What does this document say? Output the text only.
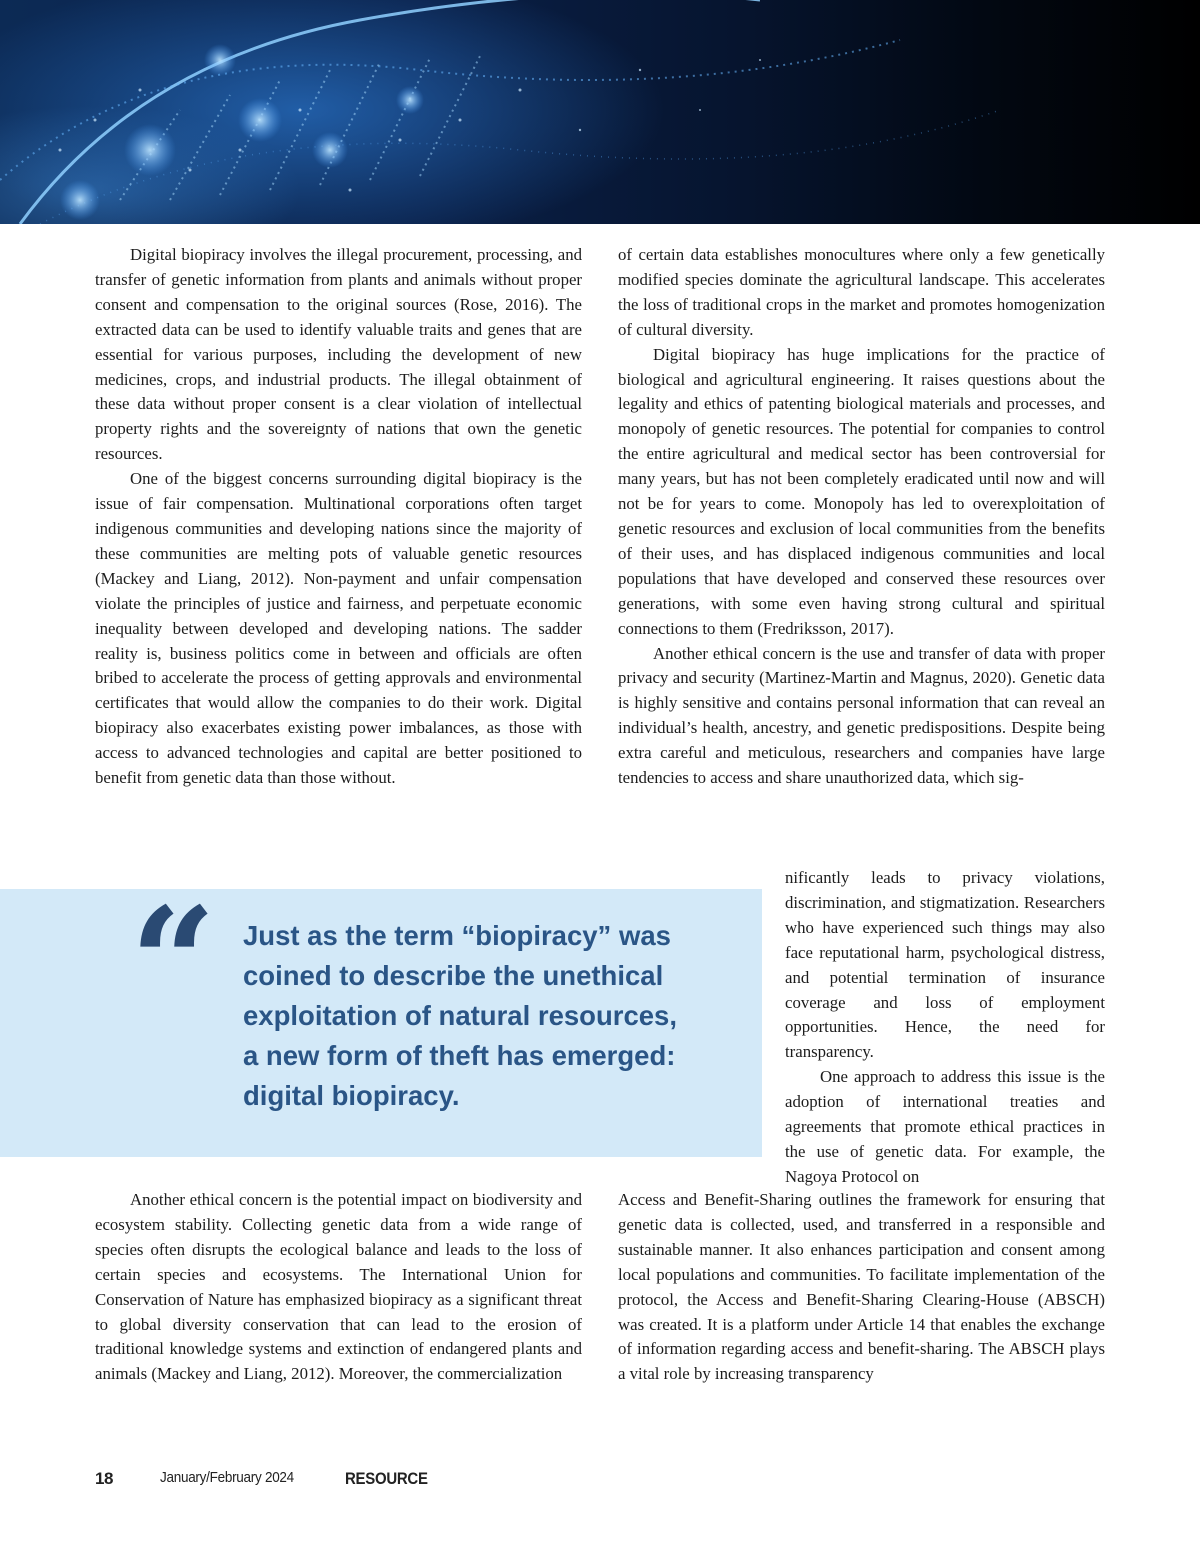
Digital biopiracy involves the illegal procurement, processing, and transfer of genetic information from plants and animals without proper consent and compensation to the original sources (Rose, 2016). The extracted data can be used to identify valuable traits and genes that are essential for various purposes, including the development of new medicines, crops, and industrial products. The illegal obtainment of these data without proper consent is a clear violation of intellectual property rights and the sovereignty of nations that own the genetic resources.

One of the biggest concerns surrounding digital biopiracy is the issue of fair compensation. Multinational corporations often target indigenous communities and developing nations since the majority of these communities are melting pots of valuable genetic resources (Mackey and Liang, 2012). Non-payment and unfair compensation violate the principles of justice and fairness, and perpetuate economic inequality between developed and developing nations. The sadder reality is, business politics come in between and officials are often bribed to accelerate the process of getting approvals and environmental certificates that would allow the companies to do their work. Digital biopiracy also exacerbates existing power imbalances, as those with access to advanced technologies and capital are better positioned to benefit from genetic data than those without.

of certain data establishes monocultures where only a few genetically modified species dominate the agricultural landscape. This accelerates the loss of traditional crops in the market and promotes homogenization of cultural diversity.

Digital biopiracy has huge implications for the practice of biological and agricultural engineering. It raises questions about the legality and ethics of patenting biological materials and processes, and monopoly of genetic resources. The potential for companies to control the entire agricultural and medical sector has been controversial for many years, but has not been completely eradicated until now and will not be for years to come. Monopoly has led to overexploitation of genetic resources and exclusion of local communities from the benefits of their uses, and has displaced indigenous communities and local populations that have developed and conserved these resources over generations, with some even having strong cultural and spiritual connections to them (Fredriksson, 2017).

Another ethical concern is the use and transfer of data with proper privacy and security (Martinez-Martin and Magnus, 2020). Genetic data is highly sensitive and contains personal information that can reveal an individual’s health, ancestry, and genetic predispositions. Despite being extra careful and meticulous, researchers and companies have large tendencies to access and share unauthorized data, which sig-

“ Just as the term “biopiracy” was
coined to describe the unethical
exploitation of natural resources,
a new form of theft has emerged:
digital biopiracy.

nificantly leads to privacy violations, discrimination, and stigmatization. Researchers who have experienced such things may also face reputational harm, psychological distress, and potential termination of insurance coverage and loss of employment opportunities. Hence, the need for transparency.

One approach to address this issue is the adoption of international treaties and agreements that promote ethical practices in the use of genetic data. For example, the Nagoya Protocol on

Another ethical concern is the potential impact on biodiversity and ecosystem stability. Collecting genetic data from a wide range of species often disrupts the ecological balance and leads to the loss of certain species and ecosystems. The International Union for Conservation of Nature has emphasized biopiracy as a significant threat to global diversity conservation that can lead to the erosion of traditional knowledge systems and extinction of endangered plants and animals (Mackey and Liang, 2012). Moreover, the commercialization

Access and Benefit-Sharing outlines the framework for ensuring that genetic data is collected, used, and transferred in a responsible and sustainable manner. It also enhances participation and consent among local populations and communities. To facilitate implementation of the protocol, the Access and Benefit-Sharing Clearing-House (ABSCH) was created. It is a platform under Article 14 that enables the exchange of information regarding access and benefit-sharing. The ABSCH plays a vital role by increasing transparency

18	January/February 2024	RESOURCE
